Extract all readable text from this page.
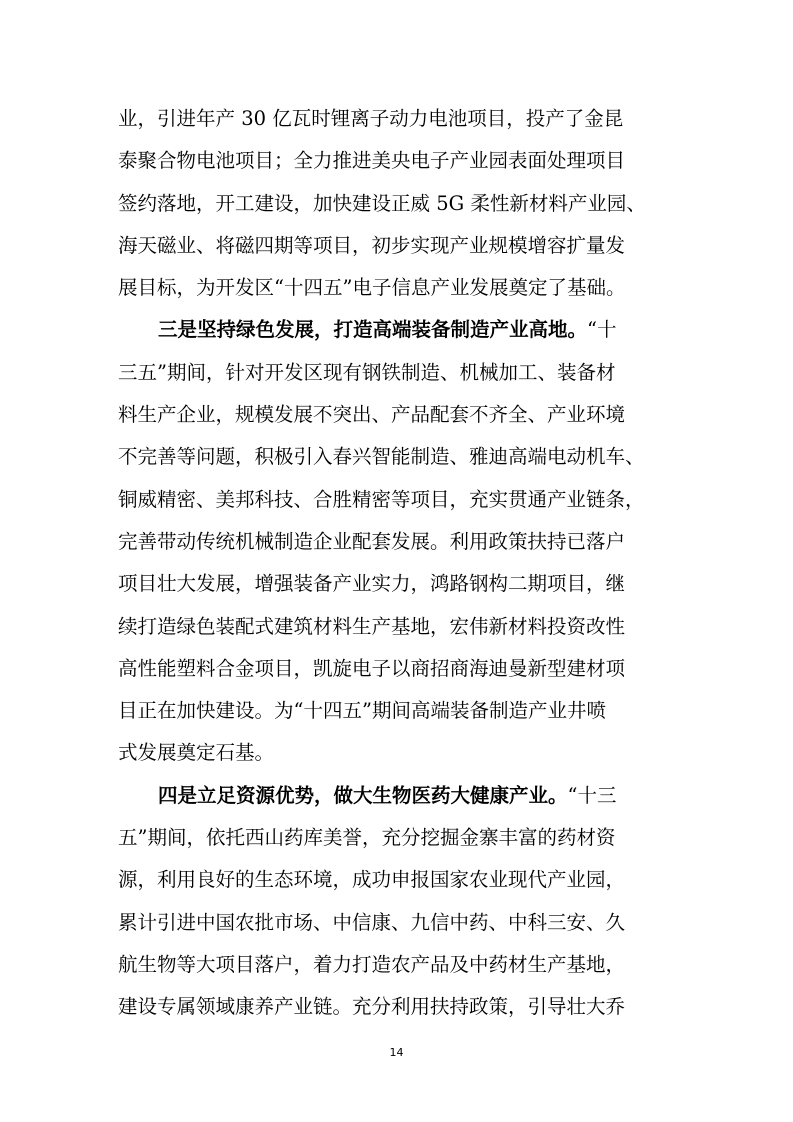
业，引进年产 30 亿瓦时锂离子动力电池项目，投产了金昆
泰聚合物电池项目；全力推进美央电子产业园表面处理项目
签约落地，开工建设，加快建设正威 5G 柔性新材料产业园、
海天磁业、将磁四期等项目，初步实现产业规模增容扩量发
展目标，为开发区“十四五”电子信息产业发展奠定了基础。
三是坚持绿色发展，打造高端装备制造产业高地。“十
三五”期间，针对开发区现有钢铁制造、机械加工、装备材
料生产企业，规模发展不突出、产品配套不齐全、产业环境
不完善等问题，积极引入春兴智能制造、雅迪高端电动机车、
铜威精密、美邦科技、合胜精密等项目，充实贯通产业链条，
完善带动传统机械制造企业配套发展。利用政策扶持已落户
项目壮大发展，增强装备产业实力，鸿路钢构二期项目，继
续打造绿色装配式建筑材料生产基地，宏伟新材料投资改性
高性能塑料合金项目，凯旋电子以商招商海迪曼新型建材项
目正在加快建设。为“十四五”期间高端装备制造产业井喷
式发展奠定石基。
四是立足资源优势，做大生物医药大健康产业。“十三
五”期间，依托西山药库美誉，充分挖掘金寨丰富的药材资
源，利用良好的生态环境，成功申报国家农业现代产业园，
累计引进中国农批市场、中信康、九信中药、中科三安、久
航生物等大项目落户，着力打造农产品及中药材生产基地，
建设专属领域康养产业链。充分利用扶持政策，引导壮大乔
14
